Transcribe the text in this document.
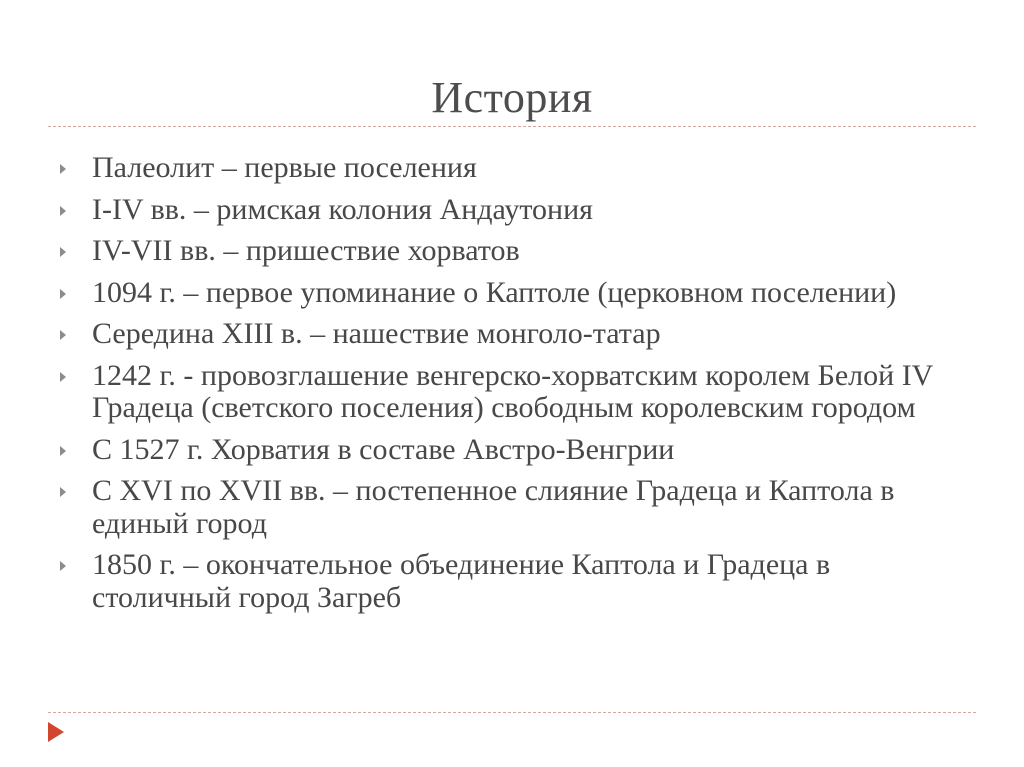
История
Палеолит – первые поселения
I-IV вв. – римская колония Андаутония
IV-VII вв. – пришествие хорватов
1094 г. – первое упоминание о Каптоле (церковном поселении)
Середина XIII в. – нашествие монголо-татар
1242 г. - провозглашение венгерско-хорватским королем Белой IV Градеца (светского поселения) свободным королевским городом
С 1527 г. Хорватия в составе Австро-Венгрии
С XVI по XVII вв. – постепенное слияние Градеца и Каптола в единый город
1850 г. – окончательное объединение Каптола и Градеца в столичный город Загреб
